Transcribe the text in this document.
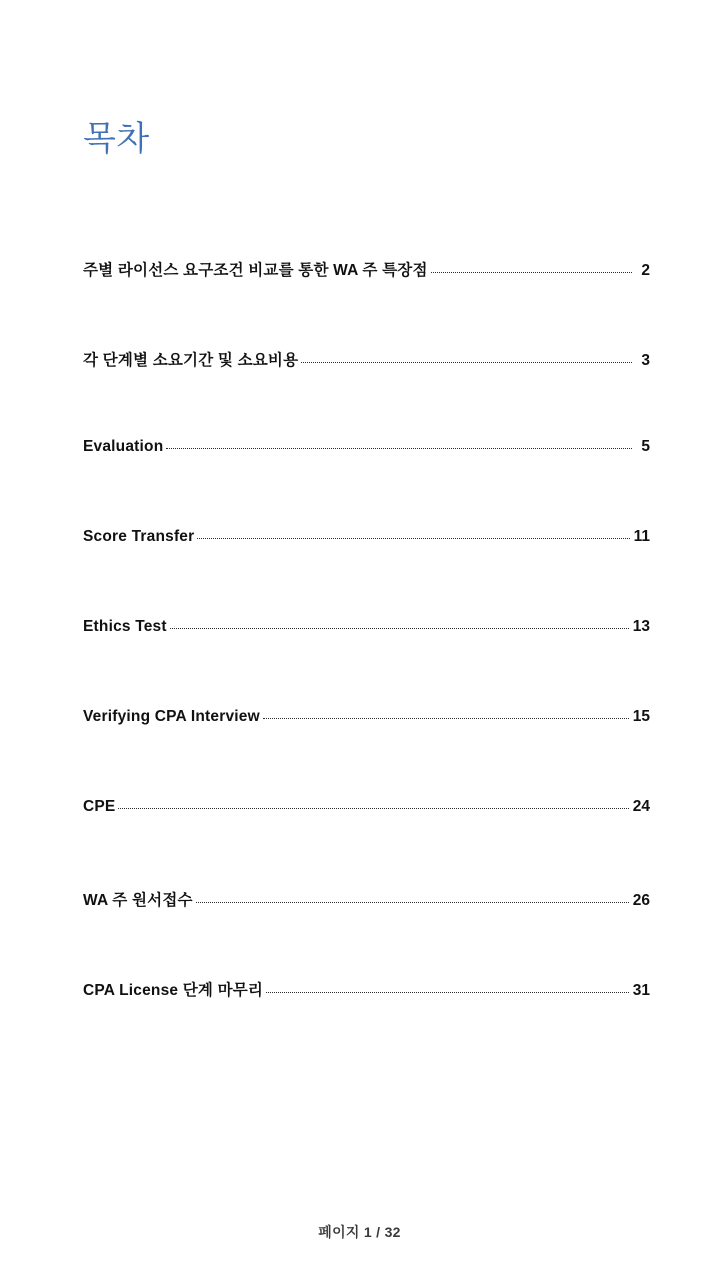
목차
주별 라이선스 요구조건 비교를 통한 WA 주 특장점	2
각 단계별 소요기간 및 소요비용	3
Evaluation	5
Score Transfer	11
Ethics Test	13
Verifying CPA Interview	15
CPE	24
WA 주 원서접수	26
CPA License 단계 마무리	31
페이지 1 / 32
